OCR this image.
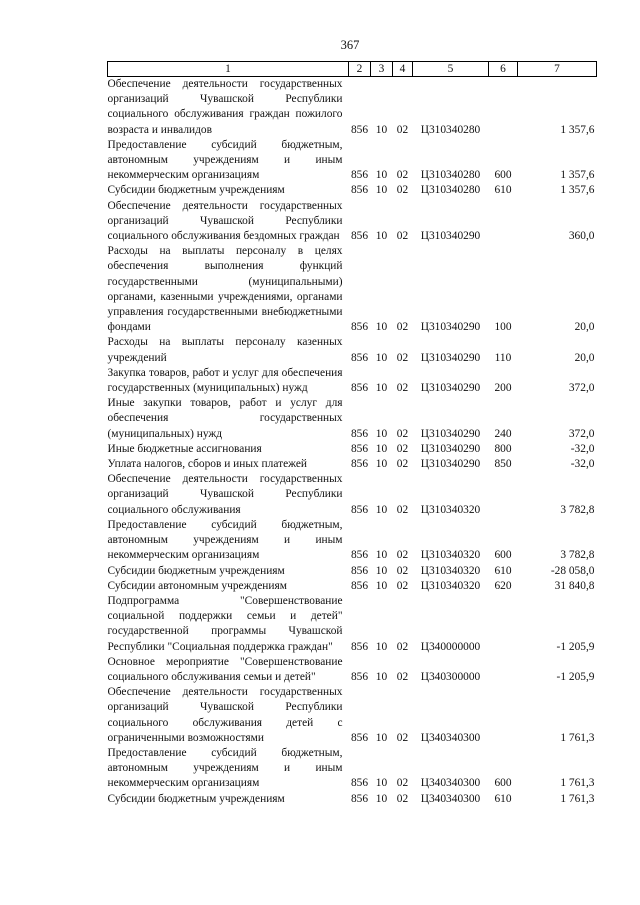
367
1	2	3	4	5	6	7
Обеспечение деятельности государственных организаций Чувашской Республики социального обслуживания граждан пожилого возраста и инвалидов	856	10	02	Ц310340280		1 357,6
Предоставление субсидий бюджетным, автономным учреждениям и иным некоммерческим организациям	856	10	02	Ц310340280	600	1 357,6
Субсидии бюджетным учреждениям	856	10	02	Ц310340280	610	1 357,6
Обеспечение деятельности государственных организаций Чувашской Республики социального обслуживания бездомных граждан	856	10	02	Ц310340290		360,0
Расходы на выплаты персоналу в целях обеспечения выполнения функций государственными (муниципальными) органами, казенными учреждениями, органами управления государственными внебюджетными фондами	856	10	02	Ц310340290	100	20,0
Расходы на выплаты персоналу казенных учреждений	856	10	02	Ц310340290	110	20,0
Закупка товаров, работ и услуг для обеспечения государственных (муниципальных) нужд	856	10	02	Ц310340290	200	372,0
Иные закупки товаров, работ и услуг для обеспечения государственных (муниципальных) нужд	856	10	02	Ц310340290	240	372,0
Иные бюджетные ассигнования	856	10	02	Ц310340290	800	-32,0
Уплата налогов, сборов и иных платежей	856	10	02	Ц310340290	850	-32,0
Обеспечение деятельности государственных организаций Чувашской Республики социального обслуживания	856	10	02	Ц310340320		3 782,8
Предоставление субсидий бюджетным, автономным учреждениям и иным некоммерческим организациям	856	10	02	Ц310340320	600	3 782,8
Субсидии бюджетным учреждениям	856	10	02	Ц310340320	610	-28 058,0
Субсидии автономным учреждениям	856	10	02	Ц310340320	620	31 840,8
Подпрограмма "Совершенствование социальной поддержки семьи и детей" государственной программы Чувашской Республики "Социальная поддержка граждан"	856	10	02	Ц340000000		-1 205,9
Основное мероприятие "Совершенствование социального обслуживания семьи и детей"	856	10	02	Ц340300000		-1 205,9
Обеспечение деятельности государственных организаций Чувашской Республики социального обслуживания детей с ограниченными возможностями	856	10	02	Ц340340300		1 761,3
Предоставление субсидий бюджетным, автономным учреждениям и иным некоммерческим организациям	856	10	02	Ц340340300	600	1 761,3
Субсидии бюджетным учреждениям	856	10	02	Ц340340300	610	1 761,3
